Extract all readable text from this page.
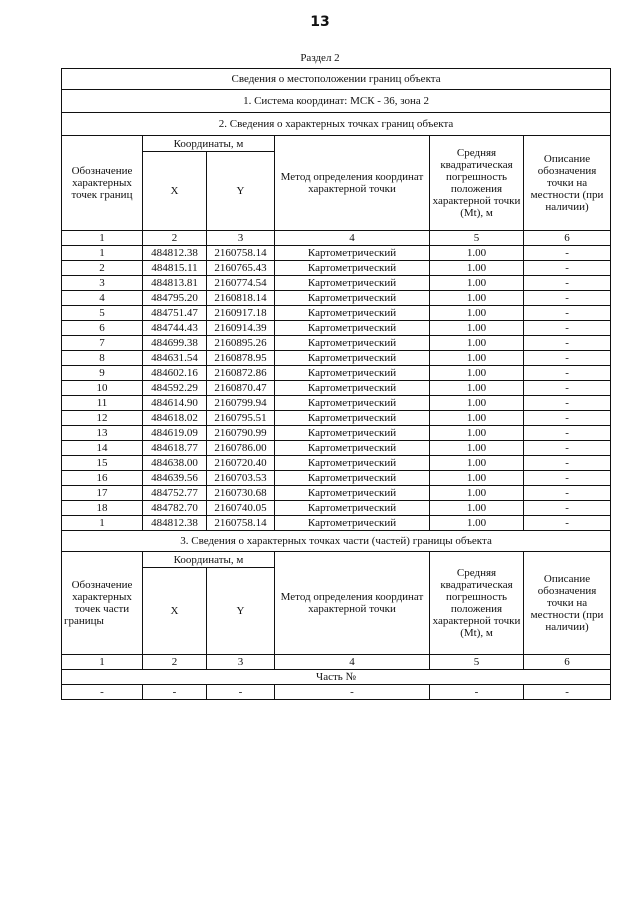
13
Раздел 2
Сведения о местоположении границ объекта					
1. Система координат: МСК - 36, зона 2					
2. Сведения о характерных точках границ объекта					
Обозначение
характерных
точек границ	Координаты, м		Метод определения координат характерной точки	Средняя квадратическая погрешность положения характерной точки (Mt), м	Описание обозначения точки на местности (при наличии)
	X	Y			
1	2	3	4	5	6
1	484812.38	2160758.14	Картометрический	1.00	-
2	484815.11	2160765.43	Картометрический	1.00	-
3	484813.81	2160774.54	Картометрический	1.00	-
4	484795.20	2160818.14	Картометрический	1.00	-
5	484751.47	2160917.18	Картометрический	1.00	-
6	484744.43	2160914.39	Картометрический	1.00	-
7	484699.38	2160895.26	Картометрический	1.00	-
8	484631.54	2160878.95	Картометрический	1.00	-
9	484602.16	2160872.86	Картометрический	1.00	-
10	484592.29	2160870.47	Картометрический	1.00	-
11	484614.90	2160799.94	Картометрический	1.00	-
12	484618.02	2160795.51	Картометрический	1.00	-
13	484619.09	2160790.99	Картометрический	1.00	-
14	484618.77	2160786.00	Картометрический	1.00	-
15	484638.00	2160720.40	Картометрический	1.00	-
16	484639.56	2160703.53	Картометрический	1.00	-
17	484752.77	2160730.68	Картометрический	1.00	-
18	484782.70	2160740.05	Картометрический	1.00	-
1	484812.38	2160758.14	Картометрический	1.00	-
3. Сведения о характерных точках части (частей) границы объекта					
Обозначение характерных точек части границы	Координаты, м		Метод определения координат характерной точки	Средняя квадратическая погрешность положения характерной точки (Mt), м	Описание обозначения точки на местности (при наличии)
	X	Y			
1	2	3	4	5	6
Часть №					
-	-	-	-	-	-
